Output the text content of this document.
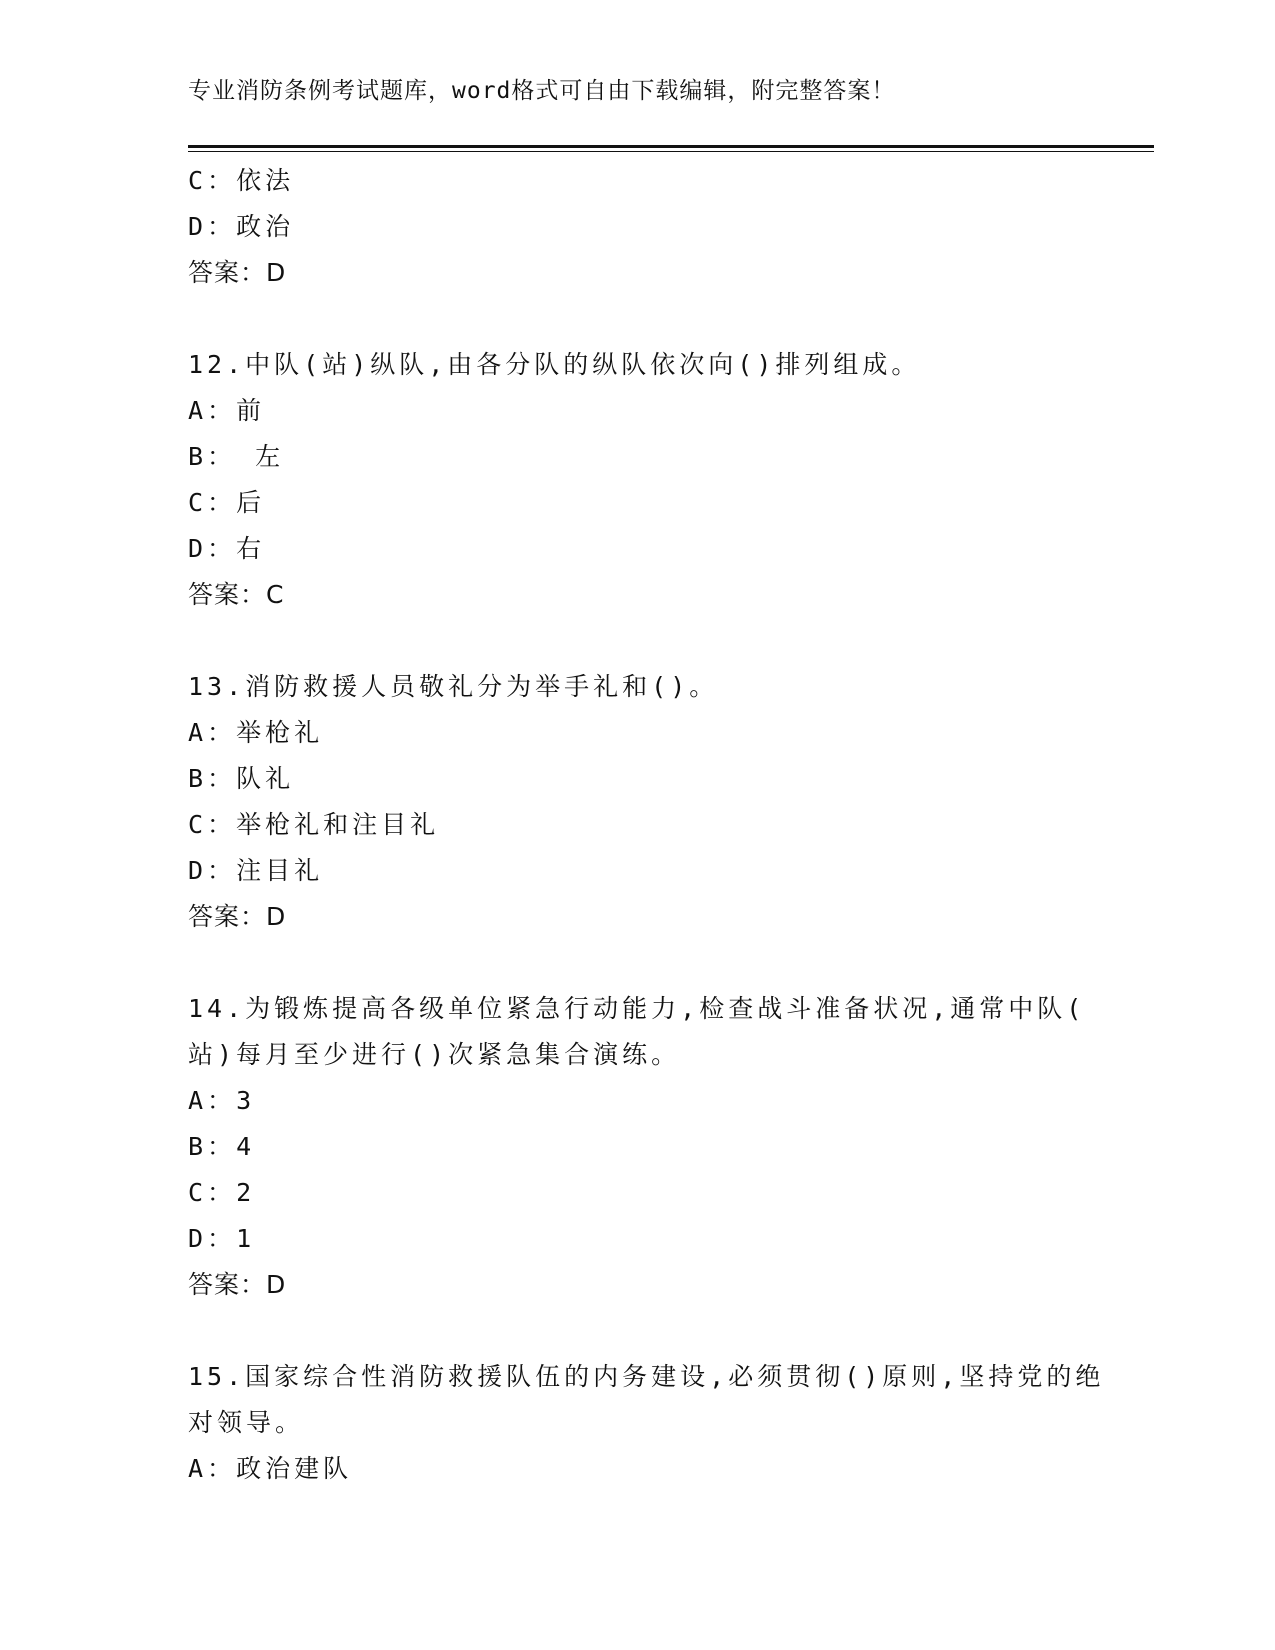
专业消防条例考试题库，word格式可自由下载编辑，附完整答案！
C：依法
D：政治
答案：D
12.中队(站)纵队,由各分队的纵队依次向()排列组成。
A：前
B： 左
C：后
D：右
答案：C
13.消防救援人员敬礼分为举手礼和()。
A：举枪礼
B：队礼
C：举枪礼和注目礼
D：注目礼
答案：D
14.为锻炼提高各级单位紧急行动能力,检查战斗准备状况,通常中队(
站)每月至少进行()次紧急集合演练。
A：3
B：4
C：2
D：1
答案：D
15.国家综合性消防救援队伍的内务建设,必须贯彻()原则,坚持党的绝
对领导。
A：政治建队
